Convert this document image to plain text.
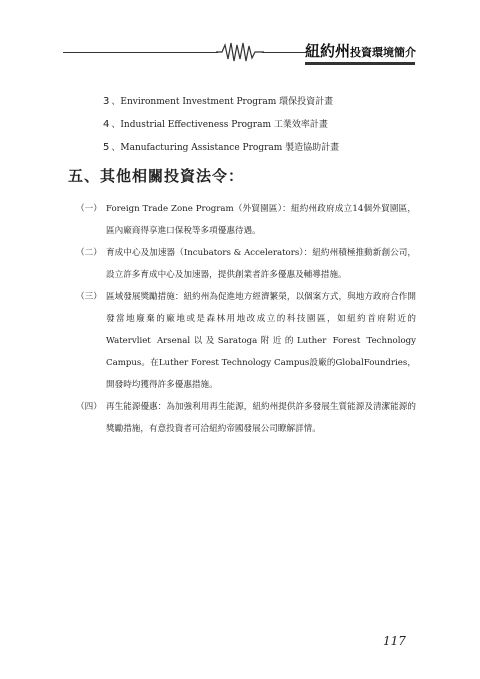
紐約州投資環境簡介
3 、Environment Investment Program 環保投資計畫
4 、Industrial Effectiveness Program 工業效率計畫
5 、Manufacturing Assistance Program 製造協助計畫
五、其他相關投資法令：
（一） Foreign Trade Zone Program（外貿園區）：紐約州政府成立14個外貿園區，區內廠商得享進口保稅等多項優惠待遇。
（二） 育成中心及加速器（Incubators & Accelerators）：紐約州積極推動新創公司，設立許多育成中心及加速器，提供創業者許多優惠及輔導措施。
（三） 區域發展獎勵措施：紐約州為促進地方經濟繁榮，以個案方式，與地方政府合作開發當地廢棄的廠地或是森林用地改成立的科技園區，如紐約首府附近的Watervliet Arsenal以及Saratoga附近的Luther Forest Technology Campus。在Luther Forest Technology Campus設廠的GlobalFoundries，開發時均獲得許多優惠措施。
（四） 再生能源優惠：為加強利用再生能源，紐約州提供許多發展生質能源及清潔能源的獎勵措施，有意投資者可洽紐約帝國發展公司瞭解詳情。
117
